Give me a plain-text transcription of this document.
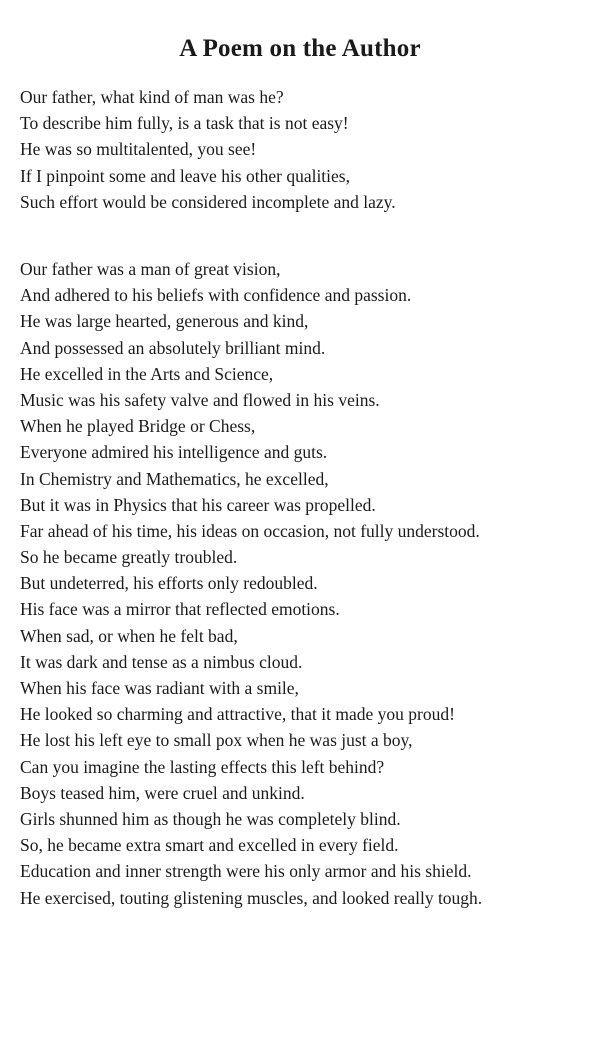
A Poem on the Author
Our father, what kind of man was he?
To describe him fully, is a task that is not easy!
He was so multitalented, you see!
If I pinpoint some and leave his other qualities,
Such effort would be considered incomplete and lazy.
Our father was a man of great vision,
And adhered to his beliefs with confidence and passion.
He was large hearted, generous and kind,
And possessed an absolutely brilliant mind.
He excelled in the Arts and Science,
Music was his safety valve and flowed in his veins.
When he played Bridge or Chess,
Everyone admired his intelligence and guts.
In Chemistry and Mathematics, he excelled,
But it was in Physics that his career was propelled.
Far ahead of his time, his ideas on occasion, not fully understood.
So he became greatly troubled.
But undeterred, his efforts only redoubled.
His face was a mirror that reflected emotions.
When sad, or when he felt bad,
It was dark and tense as a nimbus cloud.
When his face was radiant with a smile,
He looked so charming and attractive, that it made you proud!
He lost his left eye to small pox when he was just a boy,
Can you imagine the lasting effects this left behind?
Boys teased him, were cruel and unkind.
Girls shunned him as though he was completely blind.
So, he became extra smart and excelled in every field.
Education and inner strength were his only armor and his shield.
He exercised, touting glistening muscles, and looked really tough.
